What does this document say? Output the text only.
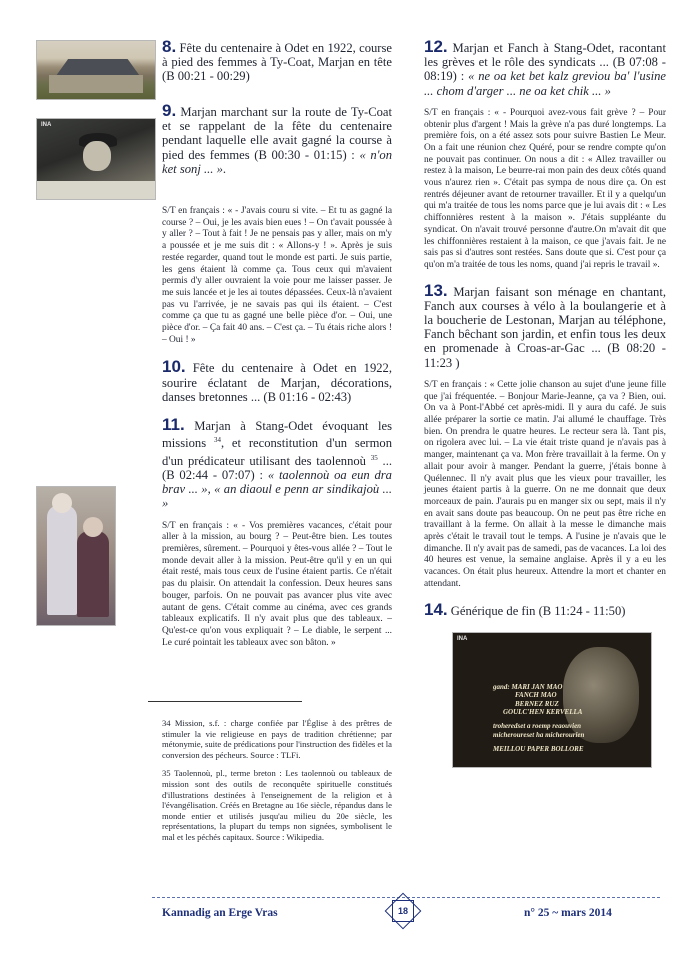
8. Fête du centenaire à Odet en 1922, course à pied des femmes à Ty-Coat, Marjan en tête (B 00:21 - 00:29)
INA
9. Marjan marchant sur la route de Ty-Coat et se rappelant de la fête du centenaire pendant laquelle elle avait gagné la course à pied des femmes (B 00:30 - 01:15) : « n'on ket sonj ... ».
S/T en français : « - J'avais couru si vite. – Et tu as gagné la course ? – Oui, je les avais bien eues ! – On t'avait poussée à y aller ? – Tout à fait ! Je ne pensais pas y aller, mais on m'y a poussée et je me suis dit : « Allons-y ! ». Après je suis restée regarder, quand tout le monde est parti. Je suis partie, les gens étaient là comme ça. Tous ceux qui m'avaient permis d'y aller ouvraient la voie pour me laisser passer. Je me suis lancée et je les ai toutes dépassées. Ceux-là n'avaient pas vu l'arrivée, je ne savais pas qui ils étaient. – C'est comme ça que tu as gagné une belle pièce d'or. – Oui, une pièce d'or. – Ça fait 40 ans. – C'est ça. – Tu étais riche alors ! – Oui ! »
10. Fête du centenaire à Odet en 1922, sourire éclatant de Marjan, décorations, danses bretonnes ... (B 01:16 - 02:43)
11. Marjan à Stang-Odet évoquant les missions $^{34}$, et reconstitution d'un sermon d'un prédicateur utilisant des taolennoù $^{35}$ ... (B 02:44 - 07:07) : « taolennoù oa eun dra brav ... », « an diaoul e penn ar sindikajoù ... »
S/T en français : « - Vos premières vacances, c'était pour aller à la mission, au bourg ? – Peut-être bien. Les toutes premières, sûrement. – Pourquoi y êtes-vous allée ? – Tout le monde devait aller à la mission. Peut-être qu'il y en un qui était resté, mais tous ceux de l'usine étaient partis. Ce n'était pas du plaisir. On attendait la confession. Deux heures sans bouger, parfois. On ne pouvait pas avancer plus vite avec autant de gens. C'était comme au cinéma, avec ces grands tableaux explicatifs. Il n'y avait plus que des tableaux. – Qu'est-ce qu'on vous expliquait ? – Le diable, le serpent ... Le curé pointait les tableaux avec son bâton. »

34 Mission, s.f. : charge confiée par l'Église à des prêtres de stimuler la vie religieuse en pays de tradition chrétienne; par métonymie, suite de prédications pour l'instruction des fidèles et la conversion des pécheurs. Source : TLFi.

35 Taolennoù, pl., terme breton : Les taolennoù ou tableaux de mission sont des outils de reconquête spirituelle constitués d'illustrations destinées à l'enseignement de la religion et à l'évangélisation. Créés en Bretagne au 16e siècle, répandus dans le monde entier et utilisés jusqu'au milieu du 20e siècle, les représentations, la plupart du temps non signées, symbolisent le mal et les péchés capitaux. Source : Wikipedia.

12. Marjan et Fanch à Stang-Odet, racontant les grèves et le rôle des syndicats ... (B 07:08 - 08:19) : « ne oa ket bet kalz greviou ba' l'usine ... chom d'arger ... ne oa ket chik ... »
S/T en français : « - Pourquoi avez-vous fait grève ? – Pour obtenir plus d'argent ! Mais la grève n'a pas duré longtemps. La première fois, on a été assez sots pour suivre Bastien Le Meur. On a fait une réunion chez Quéré, pour se rendre compte qu'on ne pouvait pas continuer. On nous a dit : « Allez travailler ou restez à la maison, Le beurre-rai mon pain des deux côtés quand vous n'aurez rien ». C'était pas sympa de nous dire ça. On est rentrés déjeuner avant de retourner travailler. Et il y a quelqu'un qui m'a traitée de tous les noms parce que je lui avais dit : « Les chiffonnières restent à la maison ». J'étais suppléante du syndicat. On n'avait trouvé personne d'autre.On m'avait dit que les chiffonnières restaient à la maison, ce que j'avais fait. Je ne sais pas si d'autres sont restées. Sans doute que si. C'est pour ça qu'on m'a traitée de tous les noms, quand j'ai repris le travail ».
13. Marjan faisant son ménage en chantant, Fanch aux courses à vélo à la boulangerie et à la boucherie de Lestonan, Marjan au téléphone, Fanch bêchant son jardin, et enfin tous les deux en promenade à Croas-ar-Gac ... (B 08:20 - 11:23 )
S/T en français : « Cette jolie chanson au sujet d'une jeune fille que j'ai fréquentée. – Bonjour Marie-Jeanne, ça va ? Bien, oui. On va à Pont-l'Abbé cet après-midi. Il y aura du café. Je suis allée préparer la sortie ce matin. J'ai allumé le chauffage. Très bien. On prendra le quatre heures. Le recteur sera là. Tant pis, on rigolera avec lui. – La vie était triste quand je n'avais pas à manger, maintenant ça va. Mon frère travaillait à la ferme. On y allait pour avoir à manger. Pendant la guerre, j'étais bonne à Quélennec. Il n'y avait plus que les vieux pour travailler, les jeunes étaient partis à la guerre. On ne me donnait que deux morceaux de pain. J'aurais pu en manger six ou sept, mais il n'y en avait sans doute pas beaucoup. On ne peut pas être riche en travaillant à la ferme. On allait à la messe le dimanche mais après c'était le travail tout le temps. A l'usine je n'avais que le dimanche. Il n'y avait pas de samedi, pas de vacances. La loi des 40 heures est venue, la semaine anglaise. Après il y a eu les vacances. On était plus heureux. Attendre la mort et chanter en attendant.
14. Générique de fin (B 11:24 - 11:50)
INA
gand: MARI JAN MAO
FANCH MAO
BERNEZ RUZ
GOULC'HEN KERVELLA
troheredset a roemp reaouvien
micheroureset ha micherourien
MEILLOU PAPER BOLLORE
Kannadig an Erge Vras	18	n° 25 ~ mars 2014
